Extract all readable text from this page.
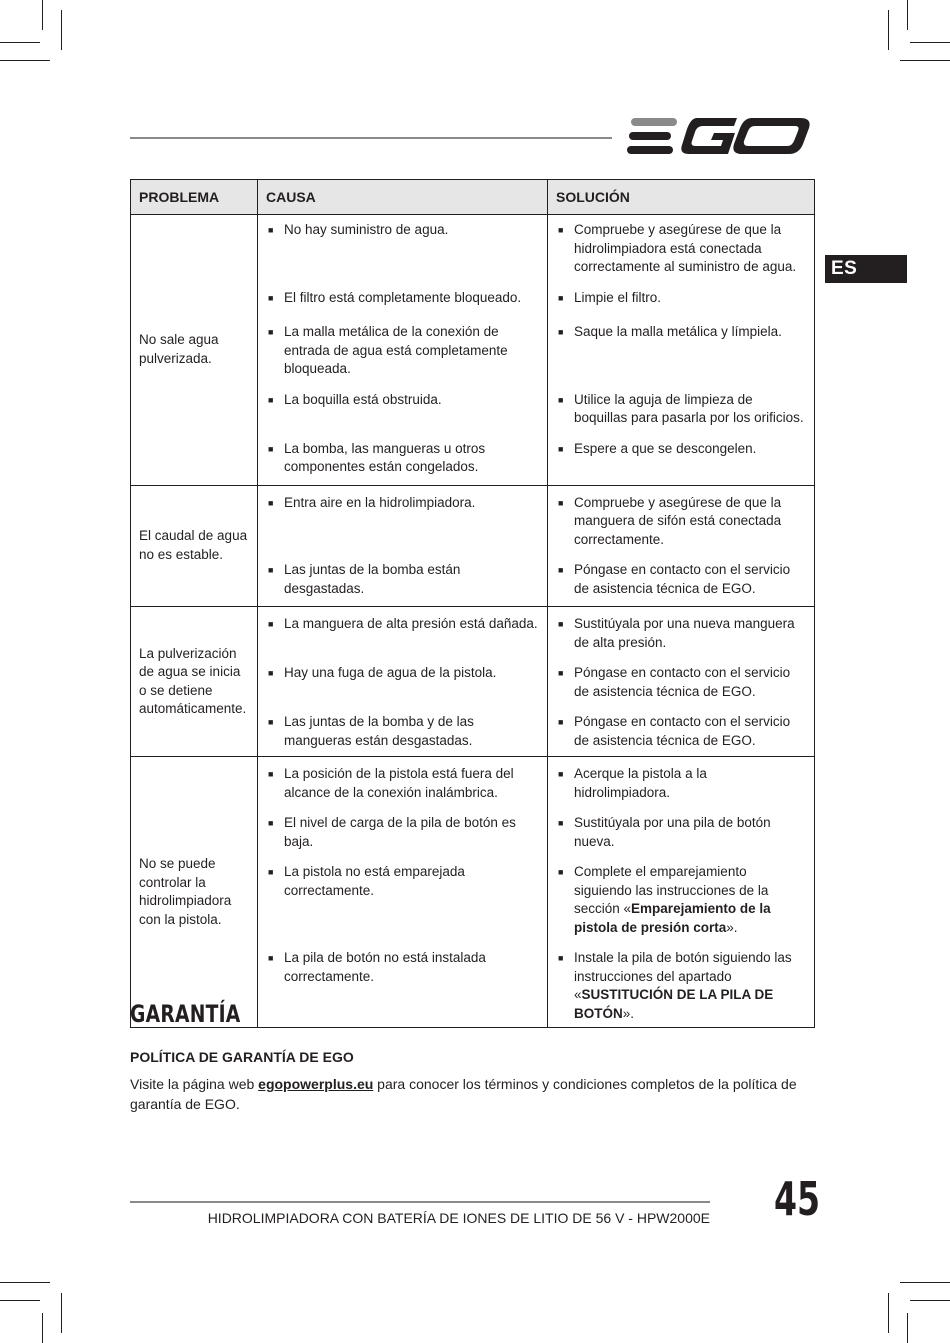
ES
PROBLEMA	CAUSA	SOLUCIÓN
No sale agua pulverizada.	■ No hay suministro de agua.	■ Compruebe y asegúrese de que la hidrolimpiadora está conectada correctamente al suministro de agua.

	■ El filtro está completamente bloqueado.	■ Limpie el filtro.

	■ La malla metálica de la conexión de entrada de agua está completamente bloqueada.	■ Saque la malla metálica y límpiela.

	■ La boquilla está obstruida.	■ Utilice la aguja de limpieza de boquillas para pasarla por los orificios.

	■ La bomba, las mangueras u otros componentes están congelados.	■ Espere a que se descongelen.

El caudal de agua no es estable.	■ Entra aire en la hidrolimpiadora.	■ Compruebe y asegúrese de que la manguera de sifón está conectada correctamente.

	■ Las juntas de la bomba están desgastadas.	■ Póngase en contacto con el servicio de asistencia técnica de EGO.

La pulverización de agua se inicia o se detiene automáticamente.	■ La manguera de alta presión está dañada.	■ Sustitúyala por una nueva manguera de alta presión.

	■ Hay una fuga de agua de la pistola.	■ Póngase en contacto con el servicio de asistencia técnica de EGO.

	■ Las juntas de la bomba y de las mangueras están desgastadas.	■ Póngase en contacto con el servicio de asistencia técnica de EGO.

No se puede controlar la hidrolimpiadora con la pistola.	■ La posición de la pistola está fuera del alcance de la conexión inalámbrica.	■ Acerque la pistola a la hidrolimpiadora.

	■ El nivel de carga de la pila de botón es baja.	■ Sustitúyala por una pila de botón nueva.

	■ La pistola no está emparejada correctamente.	■ Complete el emparejamiento siguiendo las instrucciones de la sección «Emparejamiento de la pistola de presión corta».

	■ La pila de botón no está instalada correctamente.	■ Instale la pila de botón siguiendo las instrucciones del apartado «SUSTITUCIÓN DE LA PILA DE BOTÓN».
GARANTÍA
POLÍTICA DE GARANTÍA DE EGO
Visite la página web egopowerplus.eu para conocer los términos y condiciones completos de la política de garantía de EGO.
HIDROLIMPIADORA CON BATERÍA DE IONES DE LITIO DE 56 V - HPW2000E 45
